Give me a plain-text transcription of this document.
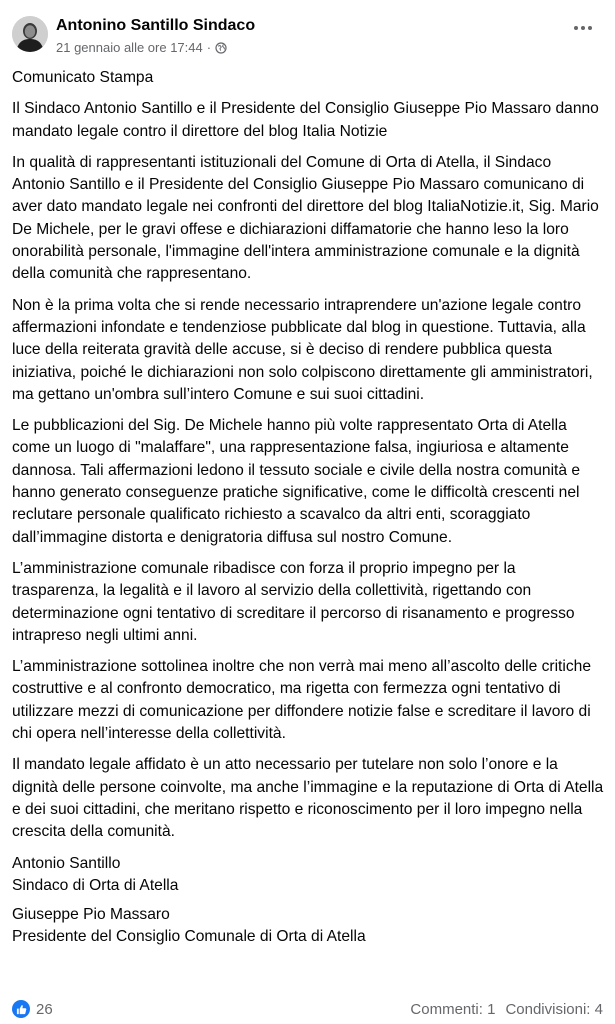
Antonino Santillo Sindaco
21 gennaio alle ore 17:44 ·

Comunicato Stampa

Il Sindaco Antonio Santillo e il Presidente del Consiglio Giuseppe Pio Massaro danno mandato legale contro il direttore del blog Italia Notizie

In qualità di rappresentanti istituzionali del Comune di Orta di Atella, il Sindaco Antonio Santillo e il Presidente del Consiglio Giuseppe Pio Massaro comunicano di aver dato mandato legale nei confronti del direttore del blog ItaliaNotizie.it, Sig. Mario De Michele, per le gravi offese e dichiarazioni diffamatorie che hanno leso la loro onorabilità personale, l'immagine dell'intera amministrazione comunale e la dignità della comunità che rappresentano.

Non è la prima volta che si rende necessario intraprendere un'azione legale contro affermazioni infondate e tendenziose pubblicate dal blog in questione. Tuttavia, alla luce della reiterata gravità delle accuse, si è deciso di rendere pubblica questa iniziativa, poiché le dichiarazioni non solo colpiscono direttamente gli amministratori, ma gettano un'ombra sull’intero Comune e sui suoi cittadini.

Le pubblicazioni del Sig. De Michele hanno più volte rappresentato Orta di Atella come un luogo di "malaffare", una rappresentazione falsa, ingiuriosa e altamente dannosa. Tali affermazioni ledono il tessuto sociale e civile della nostra comunità e hanno generato conseguenze pratiche significative, come le difficoltà crescenti nel reclutare personale qualificato richiesto a scavalco da altri enti, scoraggiato dall’immagine distorta e denigratoria diffusa sul nostro Comune.

L’amministrazione comunale ribadisce con forza il proprio impegno per la trasparenza, la legalità e il lavoro al servizio della collettività, rigettando con determinazione ogni tentativo di screditare il percorso di risanamento e progresso intrapreso negli ultimi anni.

L’amministrazione sottolinea inoltre che non verrà mai meno all’ascolto delle critiche costruttive e al confronto democratico, ma rigetta con fermezza ogni tentativo di utilizzare mezzi di comunicazione per diffondere notizie false e screditare il lavoro di chi opera nell’interesse della collettività.

Il mandato legale affidato è un atto necessario per tutelare non solo l’onore e la dignità delle persone coinvolte, ma anche l’immagine e la reputazione di Orta di Atella e dei suoi cittadini, che meritano rispetto e riconoscimento per il loro impegno nella crescita della comunità.

Antonio Santillo
Sindaco di Orta di Atella

Giuseppe Pio Massaro
Presidente del Consiglio Comunale di Orta di Atella

26	Commenti: 1 Condivisioni: 4
